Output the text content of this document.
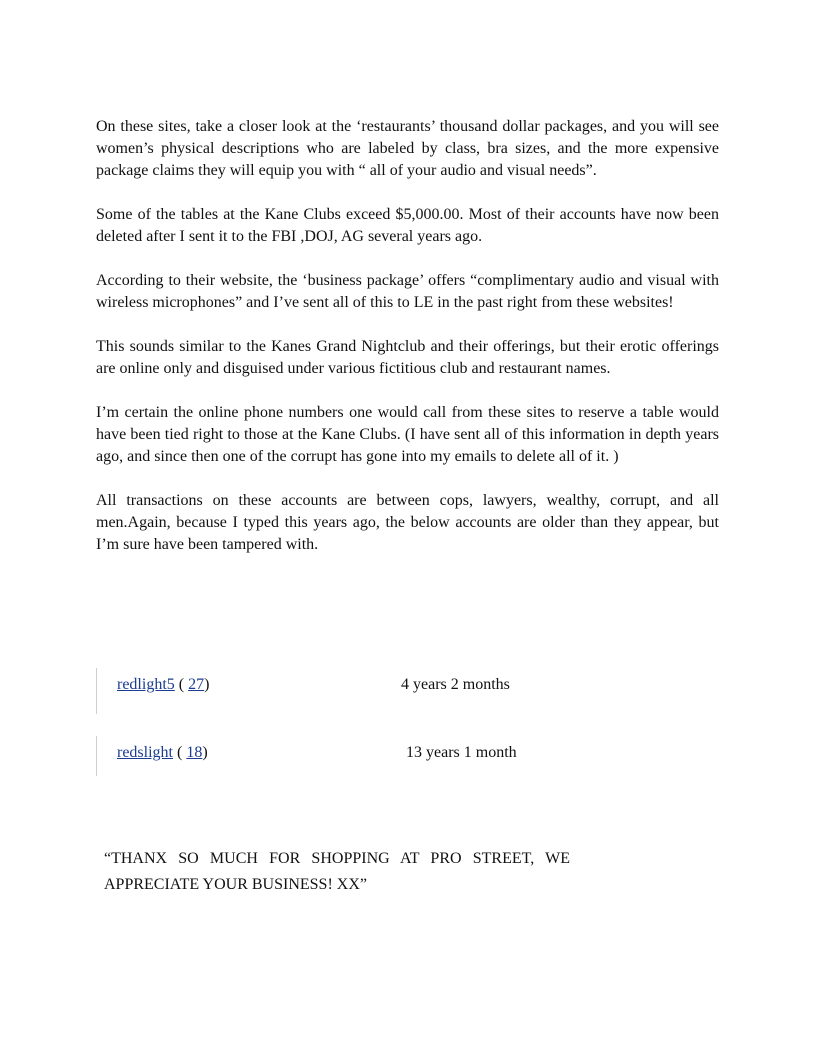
On these sites, take a closer look at the ‘restaurants’ thousand dollar packages, and you will see women’s physical descriptions who are labeled by class, bra sizes, and the more expensive package claims they will equip you with “ all of your audio and visual needs”.

Some of the tables at the Kane Clubs exceed $5,000.00. Most of their accounts have now been deleted after I sent it to the FBI ,DOJ, AG several years ago.

According to their website, the ‘business package’ offers “complimentary audio and visual with wireless microphones” and I’ve sent all of this to LE in the past right from these websites!

This sounds similar to the Kanes Grand Nightclub and their offerings, but their erotic offerings are online only and disguised under various fictitious club and restaurant names.

I’m certain the online phone numbers one would call from these sites to reserve a table would have been tied right to those at the Kane Clubs. (I have sent all of this information in depth years ago, and since then one of the corrupt has gone into my emails to delete all of it. )

All transactions on these accounts are between cops, lawyers, wealthy, corrupt, and all men.Again, because I typed this years ago, the below accounts are older than they appear, but I’m sure have been tampered with.

redlight5 ( 27)	4 years 2 months
redslight ( 18)	13 years 1 month

“THANX SO MUCH FOR SHOPPING AT PRO STREET, WE APPRECIATE YOUR BUSINESS! XX”
